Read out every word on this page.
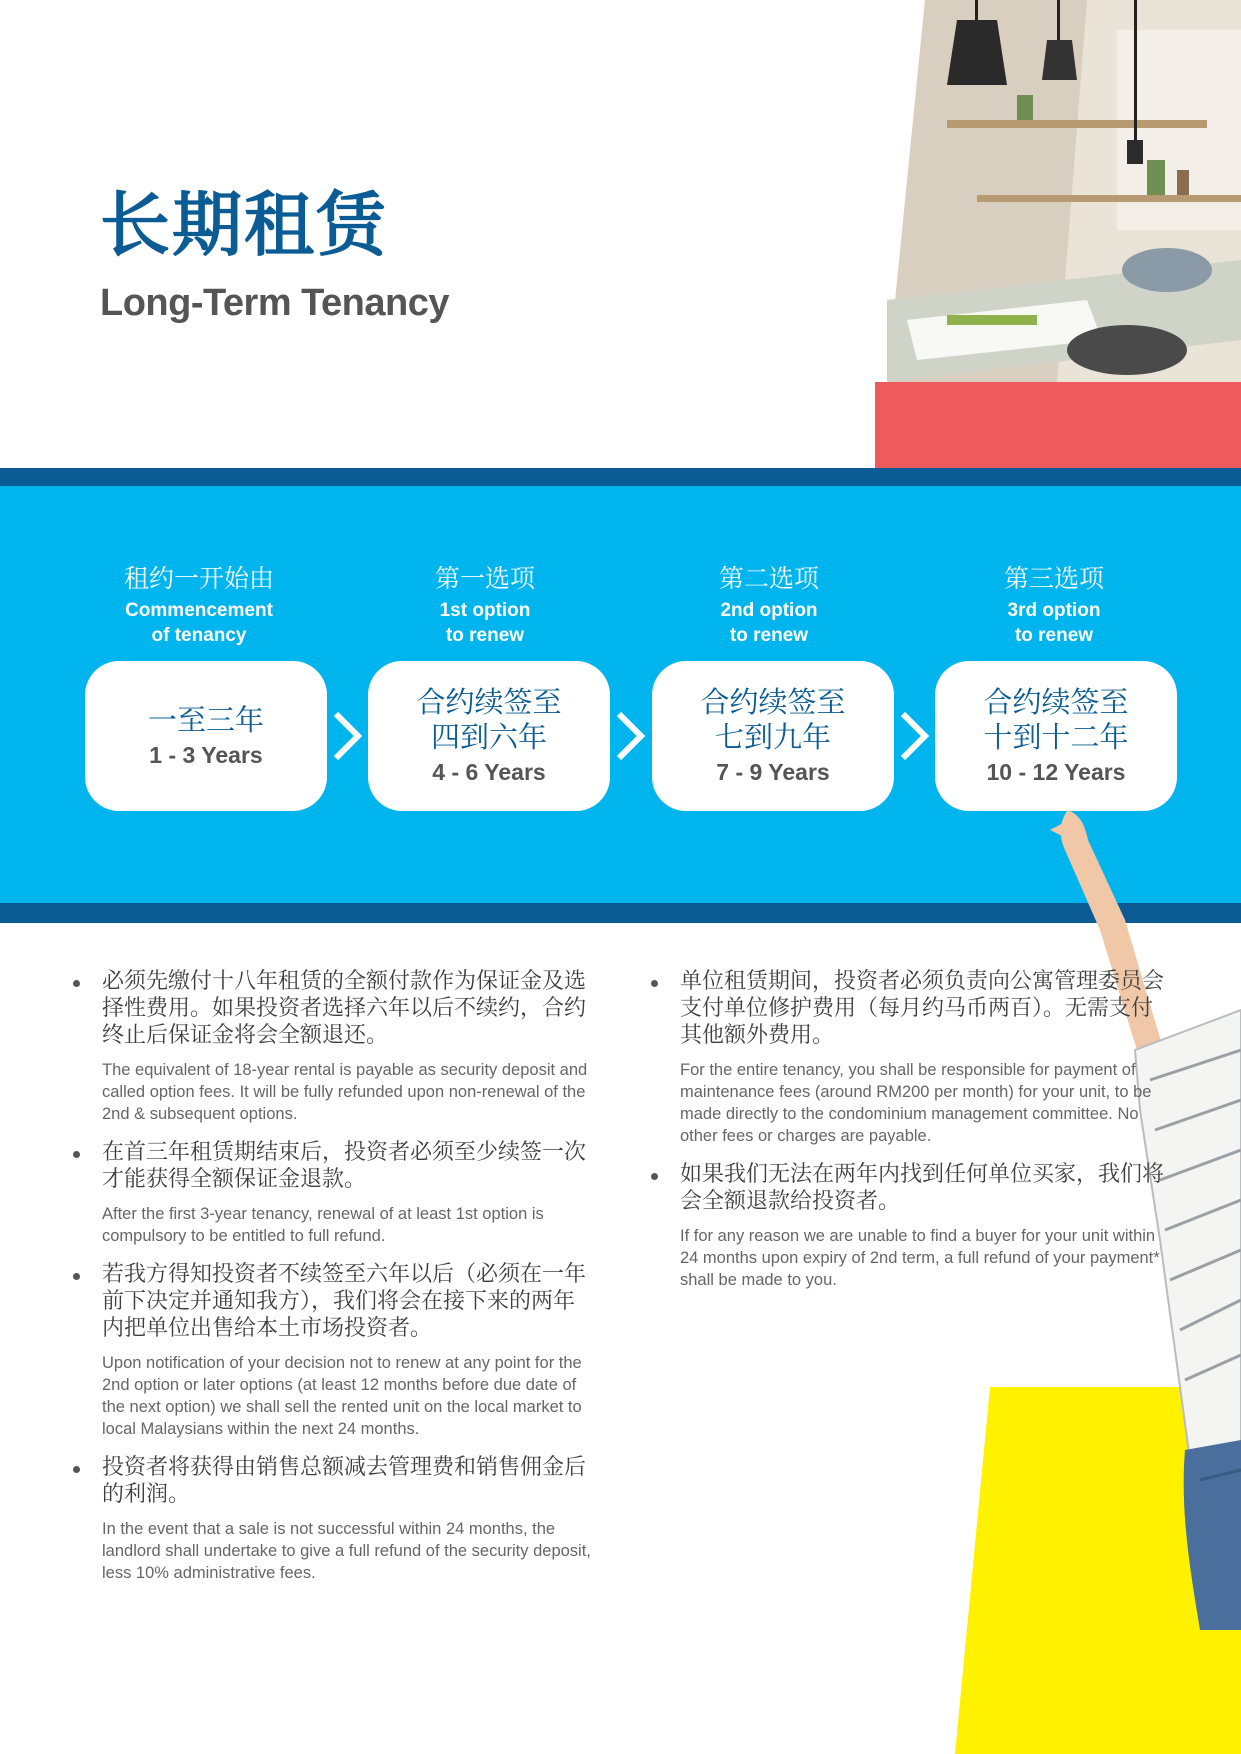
长期租赁
Long-Term Tenancy
租约一开始由
Commencement
of tenancy
一至三年
1 - 3 Years
第一选项
1st option
to renew
合约续签至
四到六年
4 - 6 Years
第二选项
2nd option
to renew
合约续签至
七到九年
7 - 9 Years
第三选项
3rd option
to renew
合约续签至
十到十二年
10 - 12 Years
必须先缴付十八年租赁的全额付款作为保证金及选择性费用。如果投资者选择六年以后不续约，合约终止后保证金将会全额退还。
The equivalent of 18-year rental is payable as security deposit and called option fees. It will be fully refunded upon non-renewal of the 2nd & subsequent options.
在首三年租赁期结束后，投资者必须至少续签一次才能获得全额保证金退款。
After the first 3-year tenancy, renewal of at least 1st option is compulsory to be entitled to full refund.
若我方得知投资者不续签至六年以后（必须在一年前下决定并通知我方），我们将会在接下来的两年内把单位出售给本土市场投资者。
Upon notification of your decision not to renew at any point for the 2nd option or later options (at least 12 months before due date of the next option) we shall sell the rented unit on the local market to local Malaysians within the next 24 months.
投资者将获得由销售总额减去管理费和销售佣金后的利润。
In the event that a sale is not successful within 24 months, the landlord shall undertake to give a full refund of the security deposit, less 10% administrative fees.
单位租赁期间，投资者必须负责向公寓管理委员会支付单位修护费用（每月约马币两百）。无需支付其他额外费用。
For the entire tenancy, you shall be responsible for payment of maintenance fees (around RM200 per month) for your unit, to be made directly to the condominium management committee. No other fees or charges are payable.
如果我们无法在两年内找到任何单位买家，我们将会全额退款给投资者。
If for any reason we are unable to find a buyer for your unit within 24 months upon expiry of 2nd term, a full refund of your payment* shall be made to you.
